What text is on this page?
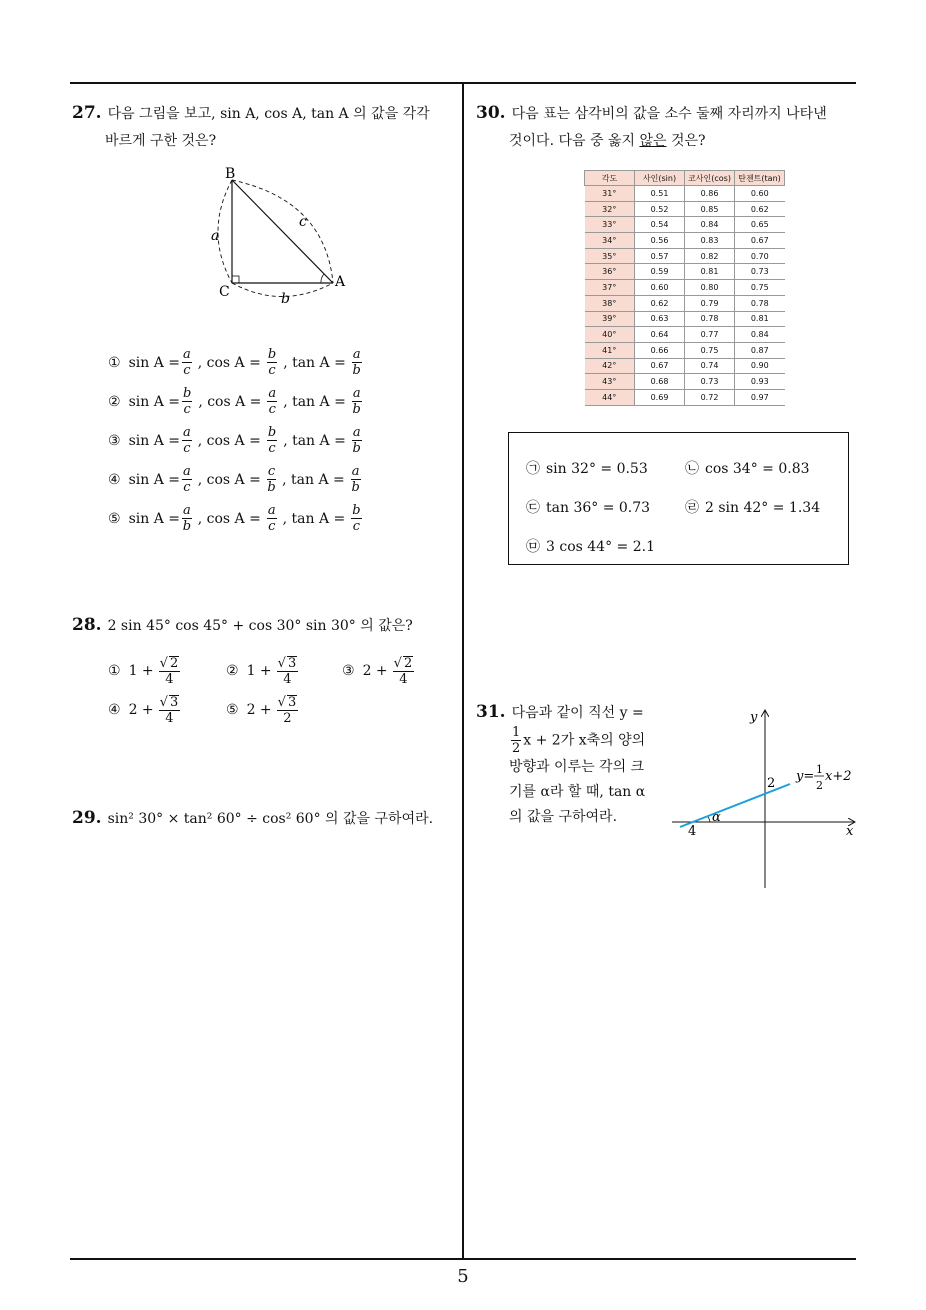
27. 다음 그림을 보고, sin A, cos A, tan A 의 값을 각각
바르게 구한 것은?
B
C
A
a
b
c
① $\sin A = \frac{a}{c}$ , $\cos A = \frac{b}{c}$ , $\tan A = \frac{a}{b}$
② $\sin A = \frac{b}{c}$ , $\cos A = \frac{a}{c}$ , $\tan A = \frac{a}{b}$
③ $\sin A = \frac{a}{c}$ , $\cos A = \frac{b}{c}$ , $\tan A = \frac{a}{b}$
④ $\sin A = \frac{a}{c}$ , $\cos A = \frac{c}{b}$ , $\tan A = \frac{a}{b}$
⑤ $\sin A = \frac{a}{b}$ , $\cos A = \frac{a}{c}$ , $\tan A = \frac{b}{c}$
28. 2 sin 45° cos 45° + cos 30° sin 30° 의 값은?
① $1 + \frac{√ 2}{4}$	② $1 + \frac{√ 3}{4}$	③ $2 + \frac{√ 2}{4}$
④ $2 + \frac{√ 3}{4}$	⑤ $2 + \frac{√ 3}{2}$
29. sin² 30° × tan² 60° ÷ cos² 60° 의 값을 구하여라.
30. 다음 표는 삼각비의 값을 소수 둘째 자리까지 나타낸
것이다. 다음 중 옳지 않은 것은?
각도	사인(sin)	코사인(cos)	탄젠트(tan)
31°	0.51	0.86	0.60
32°	0.52	0.85	0.62
33°	0.54	0.84	0.65
34°	0.56	0.83	0.67
35°	0.57	0.82	0.70
36°	0.59	0.81	0.73
37°	0.60	0.80	0.75
38°	0.62	0.79	0.78
39°	0.63	0.78	0.81
40°	0.64	0.77	0.84
41°	0.66	0.75	0.87
42°	0.67	0.74	0.90
43°	0.68	0.73	0.93
44°	0.69	0.72	0.97
㉠ sin 32° = 0.53	㉡ cos 34° = 0.83
㉢ tan 36° = 0.73 ㉣ 2 sin 42° = 1.34
㉤ 3 cos 44° = 2.1
31. 다음과 같이 직선 y =
$\frac{1}{2}$ x + 2가 x축의 양의
방향과 이루는 각의 크
기를 α라 할 때, tan α
의 값을 구하여라.
y
x
2
4
α
y= 1
2
x+2
5
